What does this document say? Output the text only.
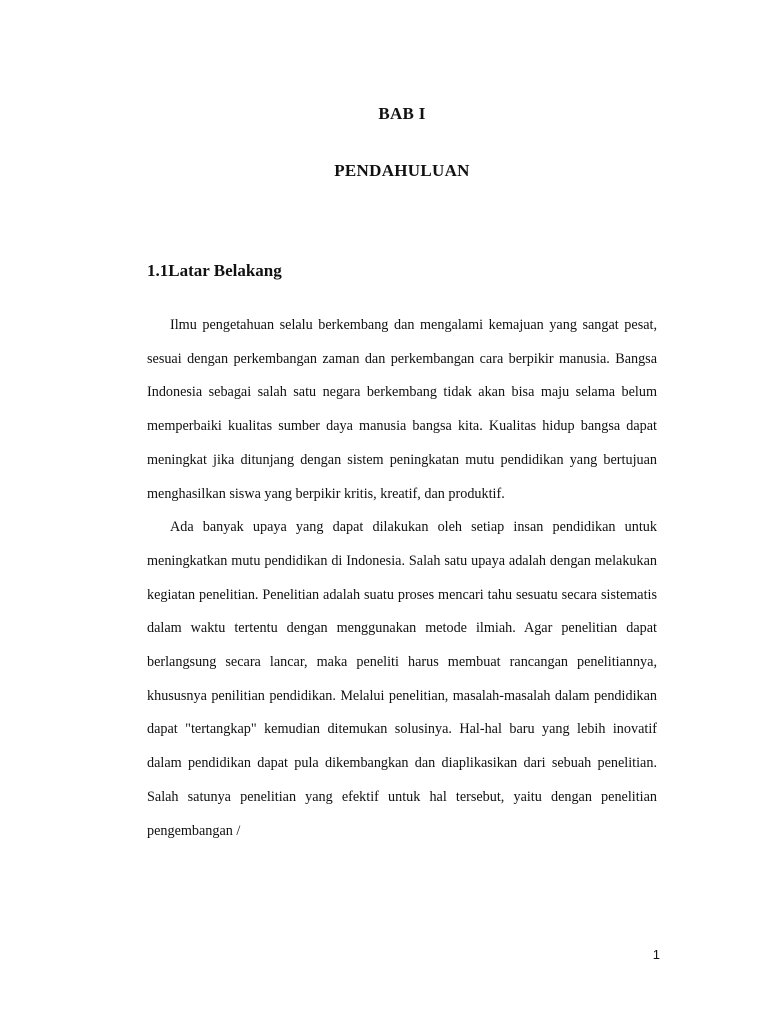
BAB I
PENDAHULUAN
1.1Latar Belakang

Ilmu pengetahuan selalu berkembang dan mengalami kemajuan yang sangat pesat, sesuai dengan perkembangan zaman dan perkembangan cara berpikir manusia. Bangsa Indonesia sebagai salah satu negara berkembang tidak akan bisa maju selama belum memperbaiki kualitas sumber daya manusia bangsa kita. Kualitas hidup bangsa dapat meningkat jika ditunjang dengan sistem peningkatan mutu pendidikan yang bertujuan menghasilkan siswa yang berpikir kritis, kreatif, dan produktif.

Ada banyak upaya yang dapat dilakukan oleh setiap insan pendidikan untuk meningkatkan mutu pendidikan di Indonesia. Salah satu upaya adalah dengan melakukan kegiatan penelitian. Penelitian adalah suatu proses mencari tahu sesuatu secara sistematis dalam waktu tertentu dengan menggunakan metode ilmiah. Agar penelitian dapat berlangsung secara lancar, maka peneliti harus membuat rancangan penelitiannya, khususnya penilitian pendidikan. Melalui penelitian, masalah-masalah dalam pendidikan dapat "tertangkap" kemudian ditemukan solusinya. Hal-hal baru yang lebih inovatif dalam pendidikan dapat pula dikembangkan dan diaplikasikan dari sebuah penelitian. Salah satunya penelitian yang efektif untuk hal tersebut, yaitu dengan penelitian pengembangan /

1
